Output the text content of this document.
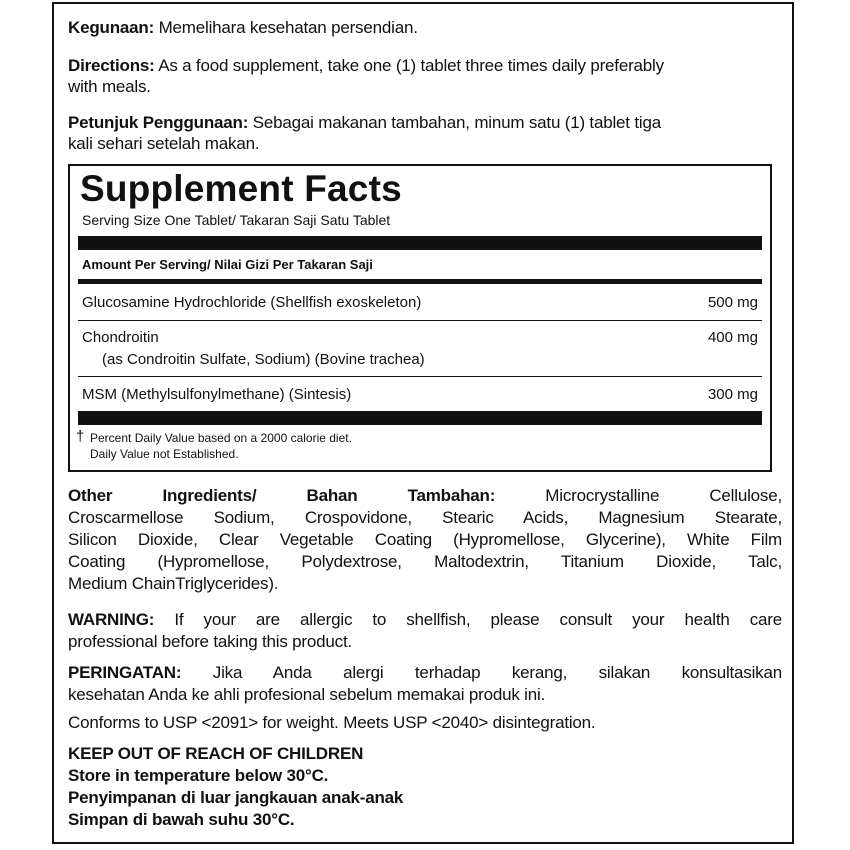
Kegunaan: Memelihara kesehatan persendian.
Directions: As a food supplement, take one (1) tablet three times daily preferably
with meals.
Petunjuk Penggunaan: Sebagai makanan tambahan, minum satu (1) tablet tiga
kali sehari setelah makan.
Supplement Facts
Serving Size One Tablet/ Takaran Saji Satu Tablet
Amount Per Serving/ Nilai Gizi Per Takaran Saji
Glucosamine Hydrochloride (Shellfish exoskeleton)	500 mg
Chondroitin	400 mg
(as Condroitin Sulfate, Sodium) (Bovine trachea)
MSM (Methylsulfonylmethane) (Sintesis)	300 mg
† Percent Daily Value based on a 2000 calorie diet.
Daily Value not Established.
Other Ingredients/ Bahan Tambahan:	Microcrystalline Cellulose,
Croscarmellose Sodium, Crospovidone, Stearic Acids, Magnesium Stearate,
Silicon Dioxide, Clear Vegetable Coating (Hypromellose, Glycerine), White Film
Coating (Hypromellose, Polydextrose, Maltodextrin, Titanium Dioxide, Talc,
Medium ChainTriglycerides).
WARNING: If your are allergic to shellfish, please consult your health care
professional before taking this product.
PERINGATAN: Jika Anda alergi terhadap kerang, silakan konsultasikan
kesehatan Anda ke ahli profesional sebelum memakai produk ini.
Conforms to USP <2091> for weight. Meets USP <2040> disintegration.
KEEP OUT OF REACH OF CHILDREN
Store in temperature below 30°C.
Penyimpanan di luar jangkauan anak-anak
Simpan di bawah suhu 30°C.
